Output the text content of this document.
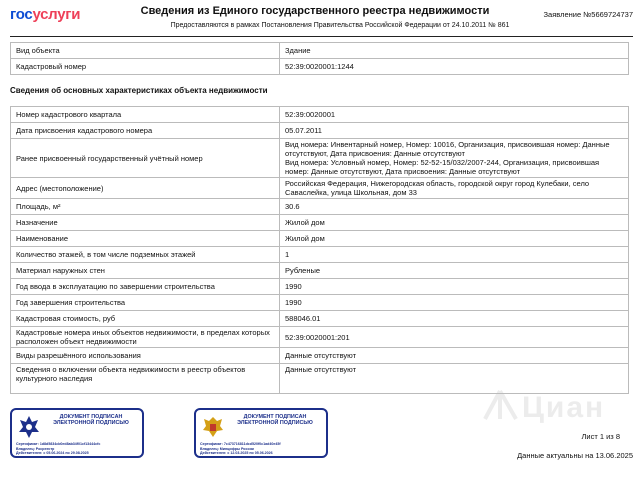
госуслуги	Сведения из Единого государственного реестра недвижимости
Предоставляются в рамках Постановления Правительства Российской Федерации от 24.10.2011 № 861
Заявление №5669724737
Вид объекта	Здание
Кадастровый номер	52:39:0020001:1244
Сведения об основных характеристиках объекта недвижимости
Циан
Номер кадастрового квартала	52:39:0020001
Дата присвоения кадастрового номера	05.07.2011
Ранее присвоенный государственный учётный номер	Вид номера: Инвентарный номер, Номер: 10016, Организация, присвоившая номер: Данные отсутствуют, Дата присвоения: Данные отсутствуют
Вид номера: Условный номер, Номер: 52-52-15/032/2007-244, Организация, присвоившая номер: Данные отсутствуют, Дата присвоения: Данные отсутствуют
Адрес (местоположение)	Российская Федерация, Нижегородская область, городской округ город Кулебаки, село Саваслейка, улица Школьная, дом 33
Площадь, м²	30.6
Назначение	Жилой дом
Наименование	Жилой дом
Количество этажей, в том числе подземных этажей	1
Материал наружных стен	Рубленые
Год ввода в эксплуатацию по завершении строительства	1990
Год завершения строительства	1990
Кадастровая стоимость, руб	588046.01
Кадастровые номера иных объектов недвижимости, в пределах которых расположен объект недвижимости	52:39:0020001:201
Виды разрешённого использования	Данные отсутствуют
Сведения о включении объекта недвижимости в реестр объектов культурного наследия	Данные отсутствуют
ДОКУМЕНТ ПОДПИСАН ЭЛЕКТРОННОЙ ПОДПИСЬЮ
Сертификат: 1d8d5834cb0ed8ab34f01cf13444cfc
Владелец: Росреестр
Действителен: с 05.06.2024 по 29.08.2025
ДОКУМЕНТ ПОДПИСАН ЭЛЕКТРОННОЙ ПОДПИСЬЮ
Сертификат: 7c473716811dcd520f0c1ad40e45f
Владелец: Минцифры России
Действителен: с 12.03.2025 по 05.06.2026
Лист 1 из 8
Данные актуальны на 13.06.2025
